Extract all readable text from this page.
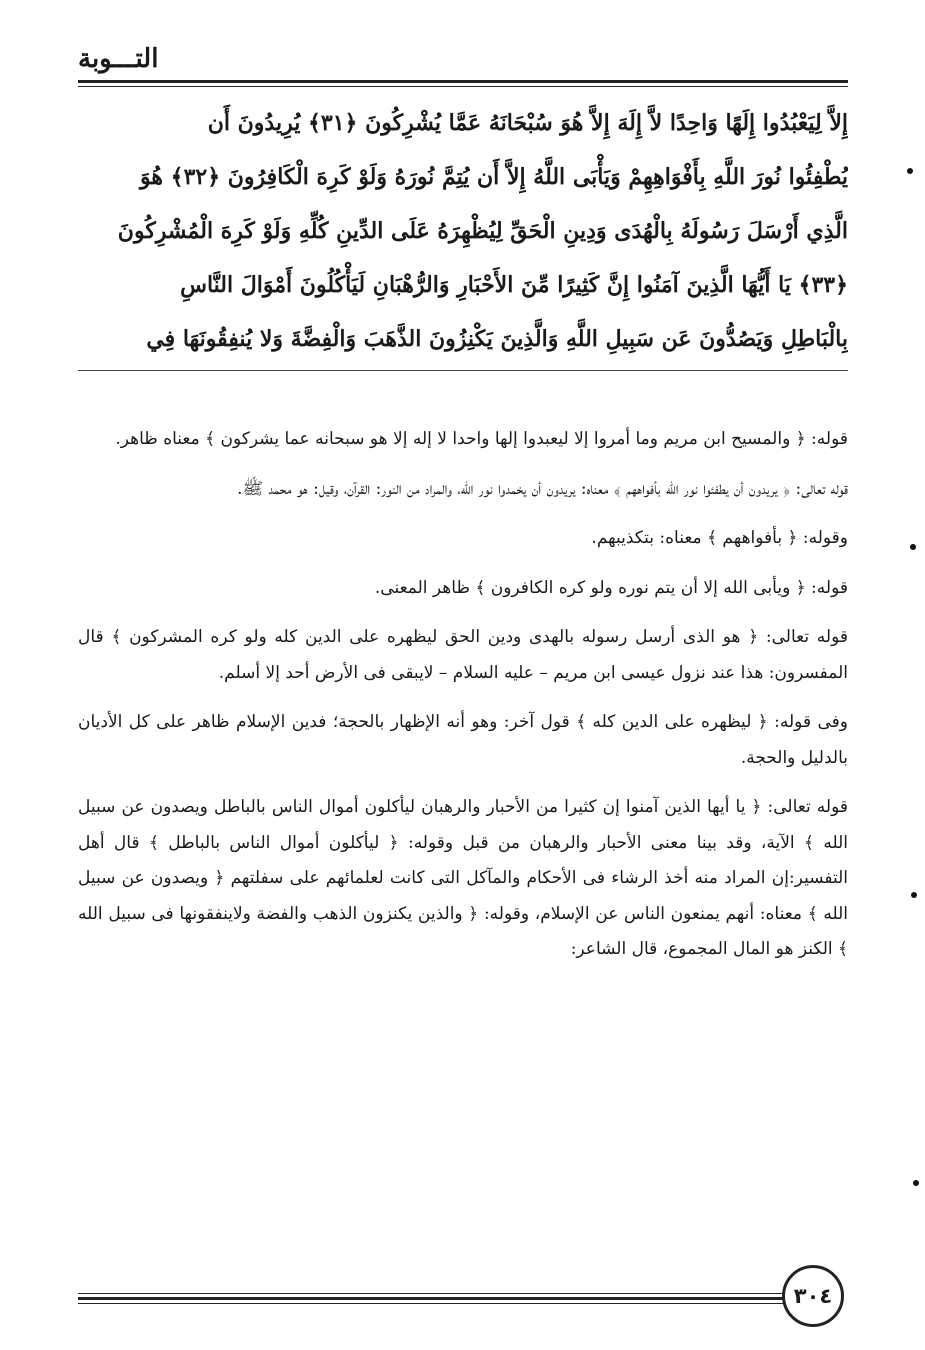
التـــوبة
إِلاَّ لِيَعْبُدُوا إِلَهًا وَاحِدًا لاَّ إِلَهَ إِلاَّ هُوَ سُبْحَانَهُ عَمَّا يُشْرِكُونَ ﴿٣١﴾ يُرِيدُونَ أَن
يُطْفِئُوا نُورَ اللَّهِ بِأَفْوَاهِهِمْ وَيَأْبَى اللَّهُ إِلاَّ أَن يُتِمَّ نُورَهُ وَلَوْ كَرِهَ الْكَافِرُونَ ﴿٣٢﴾ هُوَ
الَّذِي أَرْسَلَ رَسُولَهُ بِالْهُدَى وَدِينِ الْحَقِّ لِيُظْهِرَهُ عَلَى الدِّينِ كُلِّهِ وَلَوْ كَرِهَ الْمُشْرِكُونَ
﴿٣٣﴾ يَا أَيُّهَا الَّذِينَ آمَنُوا إِنَّ كَثِيرًا مِّنَ الأَحْبَارِ وَالرُّهْبَانِ لَيَأْكُلُونَ أَمْوَالَ النَّاسِ
بِالْبَاطِلِ وَيَصُدُّونَ عَن سَبِيلِ اللَّهِ وَالَّذِينَ يَكْنِزُونَ الذَّهَبَ وَالْفِضَّةَ وَلا يُنفِقُونَهَا فِي

قوله: ﴿ والمسيح ابن مريم وما أمروا إلا ليعبدوا إلها واحدا لا إله إلا هو سبحانه عما يشركون ﴾ معناه ظاهر.

قوله تعالى: ﴿ يريدون أن يطفئوا نور الله بأفواههم ﴾ معناه: يريدون أن يخمدوا نور الله، والمراد من النور: القرآن، وقيل: هو محمد ﷺ.

وقوله: ﴿ بأفواههم ﴾ معناه: بتكذيبهم.

قوله: ﴿ ويأبى الله إلا أن يتم نوره ولو كره الكافرون ﴾ ظاهر المعنى.

قوله تعالى: ﴿ هو الذى أرسل رسوله بالهدى ودين الحق ليظهره على الدين كله ولو كره المشركون ﴾ قال المفسرون: هذا عند نزول عيسى ابن مريم – عليه السلام – لايبقى فى الأرض أحد إلا أسلم.

وفى قوله: ﴿ ليظهره على الدين كله ﴾ قول آخر: وهو أنه الإظهار بالحجة؛ فدين الإسلام ظاهر على كل الأديان بالدليل والحجة.

قوله تعالى: ﴿ يا أيها الذين آمنوا إن كثيرا من الأحبار والرهبان ليأكلون أموال الناس بالباطل ويصدون عن سبيل الله ﴾ الآية، وقد بينا معنى الأحبار والرهبان من قبل وقوله: ﴿ ليأكلون أموال الناس بالباطل ﴾ قال أهل التفسير:إن المراد منه أخذ الرشاء فى الأحكام والمآكل التى كانت لعلمائهم على سفلتهم ﴿ ويصدون عن سبيل الله ﴾ معناه: أنهم يمنعون الناس عن الإسلام، وقوله: ﴿ والذين يكنزون الذهب والفضة ولاينفقونها فى سبيل الله ﴾ الكنز هو المال المجموع، قال الشاعر:

٣٠٤
